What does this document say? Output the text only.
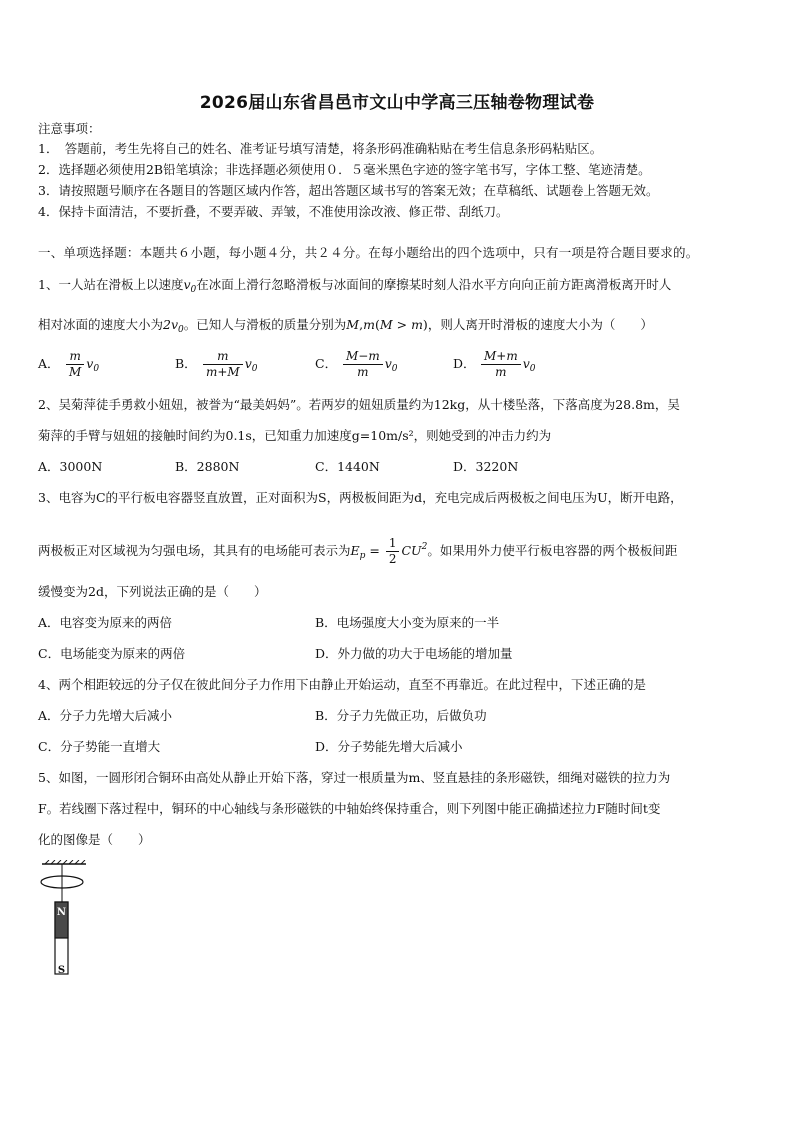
2026届山东省昌邑市文山中学高三压轴卷物理试卷
注意事项：
1．　答题前，考生先将自己的姓名、准考证号填写清楚，将条形码准确粘贴在考生信息条形码粘贴区。
2．选择题必须使用2B铅笔填涂；非选择题必须使用０．５毫米黑色字迹的签字笔书写，字体工整、笔迹清楚。
3．请按照题号顺序在各题目的答题区域内作答，超出答题区域书写的答案无效；在草稿纸、试题卷上答题无效。
4．保持卡面清洁，不要折叠，不要弄破、弄皱，不准使用涂改液、修正带、刮纸刀。
一、单项选择题：本题共６小题，每小题４分，共２４分。在每小题给出的四个选项中，只有一项是符合题目要求的。
1、一人站在滑板上以速度$v_0$在冰面上滑行忽略滑板与冰面间的摩擦某时刻人沿水平方向向正前方距离滑板离开时人
相对冰面的速度大小为$2v_0$。已知人与滑板的质量分别为M,m(M > m)，则人离开时滑板的速度大小为（　　）
A． $\frac{m}{M} v_0$	B． $\frac{m}{m+M} v_0$	C． $\frac{M-m}{m} v_0$	D． $\frac{M+m}{m} v_0$
2、吴菊萍徒手勇救小妞妞，被誉为“最美妈妈”。若两岁的妞妞质量约为12kg，从十楼坠落，下落高度为28.8m，吴
菊萍的手臂与妞妞的接触时间约为0.1s，已知重力加速度g=10m/s²，则她受到的冲击力约为
A．3000N	B．2880N	C．1440N	D．3220N
3、电容为C的平行板电容器竖直放置，正对面积为S，两极板间距为d，充电完成后两极板之间电压为U，断开电路，
两极板正对区域视为匀强电场，其具有的电场能可表示为$E_p = \frac{1}{2} CU^2$。如果用外力使平行板电容器的两个极板间距
缓慢变为2d，下列说法正确的是（　　）
A．电容变为原来的两倍	B．电场强度大小变为原来的一半
C．电场能变为原来的两倍	D．外力做的功大于电场能的增加量
4、两个相距较远的分子仅在彼此间分子力作用下由静止开始运动，直至不再靠近。在此过程中，下述正确的是
A．分子力先增大后减小	B．分子力先做正功，后做负功
C．分子势能一直增大	D．分子势能先增大后减小
5、如图，一圆形闭合铜环由高处从静止开始下落，穿过一根质量为m、竖直悬挂的条形磁铁，细绳对磁铁的拉力为
F。若线圈下落过程中，铜环的中心轴线与条形磁铁的中轴始终保持重合，则下列图中能正确描述拉力F随时间t变
化的图像是（　　）
N
S
